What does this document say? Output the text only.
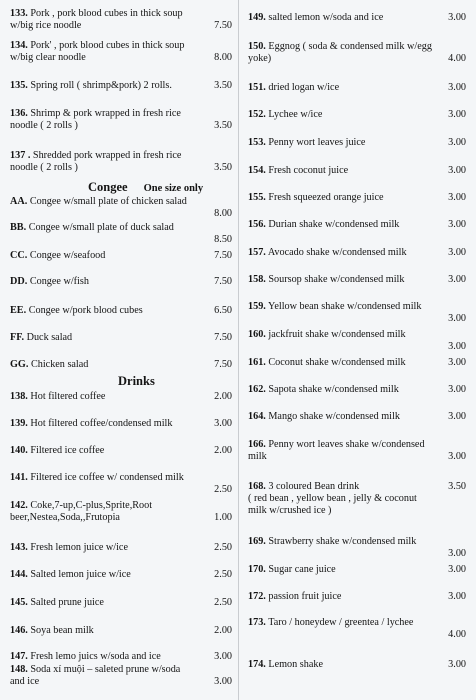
133. Pork , pork blood cubes in thick soup
w/big rice noodle	7.50
134. Pork' , pork blood cubes in thick soup
w/big clear noodle	8.00
135. Spring roll ( shrimp&pork) 2 rolls.	3.50
136. Shrimp & pork wrapped in fresh rice
noodle ( 2 rolls )	3.50
137 . Shredded pork wrapped in fresh rice
noodle ( 2 rolls )	3.50
AA. Congee w/small plate of chicken salad
8.00
BB. Congee w/small plate of duck salad
8.50
CC. Congee w/seafood	7.50
DD. Congee w/fish	7.50
EE. Congee w/pork blood cubes	6.50
FF. Duck salad	7.50
GG. Chicken salad	7.50
138. Hot filtered coffee	2.00
139. Hot filtered coffee/condensed milk	3.00
140. Filtered ice coffee	2.00
141. Filtered ice coffee w/ condensed milk
2.50
142. Coke,7-up,C-plus,Sprite,Root
beer,Nestea,Soda,,Frutopia	1.00
143. Fresh lemon juice w/ice	2.50
144. Salted lemon juice w/ice	2.50
145. Salted prune juice	2.50
146. Soya bean milk	2.00
147. Fresh lemo juics w/soda and ice	3.00
148. Soda xí muội – saleted prune w/soda
and ice	3.00
149. salted lemon w/soda and ice	3.00
150. Eggnog ( soda & condensed milk w/egg
yoke)	4.00
151. dried logan w/ice	3.00
152. Lychee w/ice	3.00
153. Penny wort leaves juice	3.00
154. Fresh coconut juice	3.00
155. Fresh squeezed orange juice	3.00
156. Durian shake w/condensed milk	3.00
157. Avocado shake w/condensed milk	3.00
158. Soursop shake w/condensed milk	3.00
159. Yellow bean shake w/condensed milk
3.00
160. jackfruit shake w/condensed milk
3.00
161. Coconut shake w/condensed milk	3.00
162. Sapota shake w/condensed milk	3.00
164. Mango shake w/condensed milk	3.00
166. Penny wort leaves shake w/condensed
milk	3.00
168. 3 coloured Bean drink
( red bean , yellow bean , jelly & coconut
milk w/crushed ice )
3.50
169. Strawberry shake w/condensed milk
3.00
170. Sugar cane juice	3.00
172. passion fruit juice	3.00
173. Taro / honeydew / greentea / lychee
4.00
174. Lemon shake	3.00
Congee One size only
Drinks
